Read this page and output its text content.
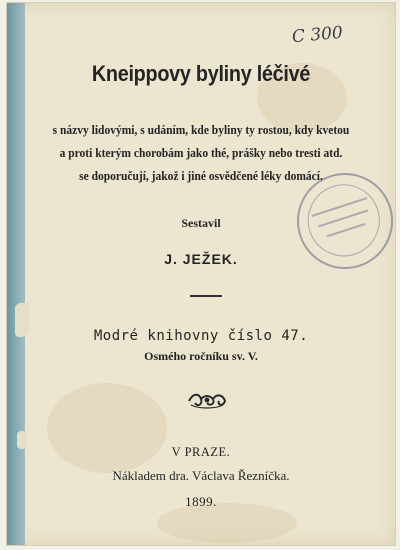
C 300
Kneippovy byliny léčivé
s názvy lidovými, s udáním, kde byliny ty rostou, kdy kvetou
a proti kterým chorobám jako thé, prášky nebo tresti atd.
se doporučují, jakož i jiné osvědčené léky domácí.
Sestavil
J. JEŽEK.
Modré knihovny číslo 47.
Osmého ročníku sv. V.
V PRAZE.
Nákladem dra. Václava Řezníčka.
1899.
